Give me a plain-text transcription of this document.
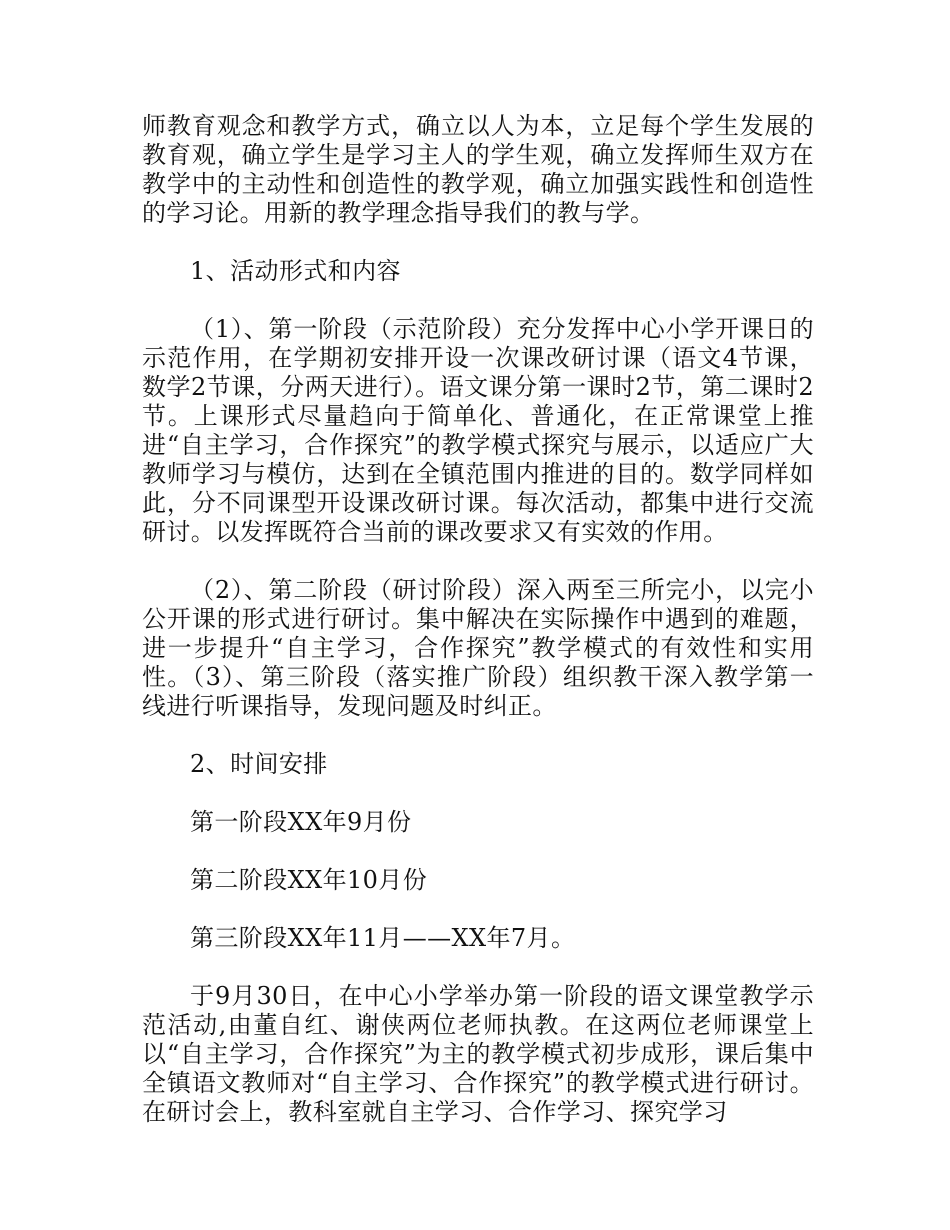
师教育观念和教学方式，确立以人为本，立足每个学生发展的教育观，确立学生是学习主人的学生观，确立发挥师生双方在教学中的主动性和创造性的教学观，确立加强实践性和创造性的学习论。用新的教学理念指导我们的教与学。

1、活动形式和内容

（1）、第一阶段（示范阶段）充分发挥中心小学开课日的示范作用，在学期初安排开设一次课改研讨课（语文4节课，数学2节课，分两天进行）。语文课分第一课时2节，第二课时2节。上课形式尽量趋向于简单化、普通化，在正常课堂上推进“自主学习，合作探究”的教学模式探究与展示，以适应广大教师学习与模仿，达到在全镇范围内推进的目的。数学同样如此，分不同课型开设课改研讨课。每次活动，都集中进行交流研讨。以发挥既符合当前的课改要求又有实效的作用。

（2）、第二阶段（研讨阶段）深入两至三所完小，以完小公开课的形式进行研讨。集中解决在实际操作中遇到的难题，进一步提升“自主学习，合作探究”教学模式的有效性和实用性。（3）、第三阶段（落实推广阶段）组织教干深入教学第一线进行听课指导，发现问题及时纠正。

2、时间安排

第一阶段XX年9月份

第二阶段XX年10月份

第三阶段XX年11月——XX年7月。

于9月30日，在中心小学举办第一阶段的语文课堂教学示范活动,由董自红、谢侠两位老师执教。在这两位老师课堂上以“自主学习，合作探究”为主的教学模式初步成形，课后集中全镇语文教师对“自主学习、合作探究”的教学模式进行研讨。在研讨会上，教科室就自主学习、合作学习、探究学习
